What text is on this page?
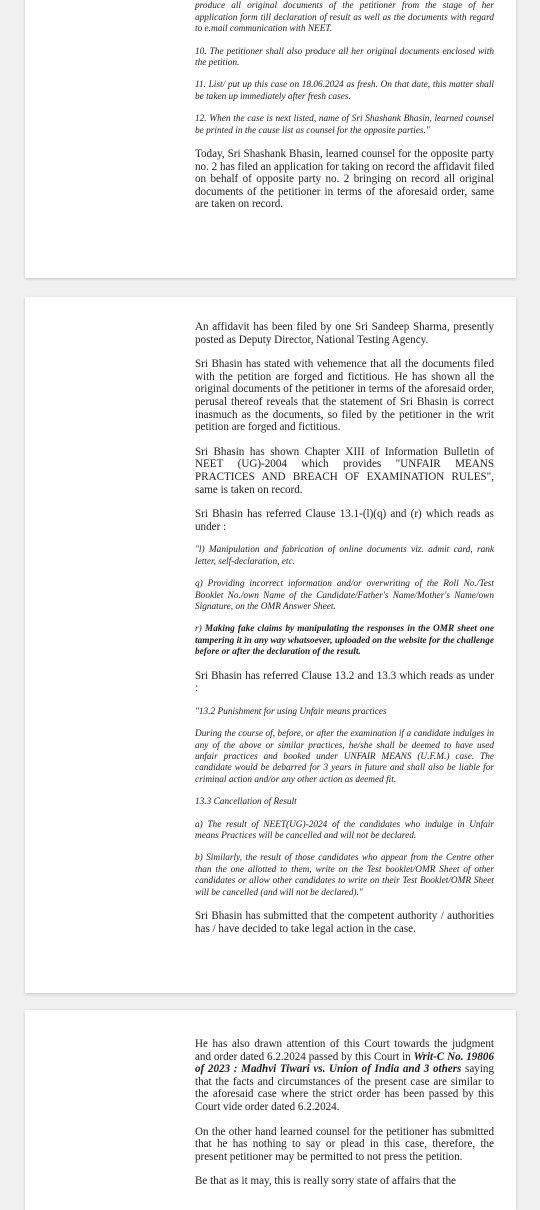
produce all original documents of the petitioner from the stage of her application form till declaration of result as well as the documents with regard to e.mail communication with NEET.

10. The petitioner shall also produce all her original documents enclosed with the petition.

11. List/ put up this case on 18.06.2024 as fresh. On that date, this matter shall be taken up immediately after fresh cases.

12. When the case is next listed, name of Sri Shashank Bhasin, learned counsel be printed in the cause list as counsel for the opposite parties."

Today, Sri Shashank Bhasin, learned counsel for the opposite party no. 2 has filed an application for taking on record the affidavit filed on behalf of opposite party no. 2 bringing on record all original documents of the petitioner in terms of the aforesaid order, same are taken on record.

An affidavit has been filed by one Sri Sandeep Sharma, presently posted as Deputy Director, National Testing Agency.

Sri Bhasin has stated with vehemence that all the documents filed with the petition are forged and fictitious. He has shown all the original documents of the petitioner in terms of the aforesaid order, perusal thereof reveals that the statement of Sri Bhasin is correct inasmuch as the documents, so filed by the petitioner in the writ petition are forged and fictitious.

Sri Bhasin has shown Chapter XIII of Information Bulletin of NEET (UG)-2004 which provides "UNFAIR MEANS PRACTICES AND BREACH OF EXAMINATION RULES", same is taken on record.

Sri Bhasin has referred Clause 13.1-(l)(q) and (r) which reads as under :

"l) Manipulation and fabrication of online documents viz. admit card, rank letter, self-declaration, etc.

q) Providing incorrect information and/or overwriting of the Roll No./Test Booklet No./own Name of the Candidate/Father's Name/Mother's Name/own Signature, on the OMR Answer Sheet.

r) Making fake claims by manipulating the responses in the OMR sheet one tampering it in any way whatsoever, uploaded on the website for the challenge before or after the declaration of the result.

Sri Bhasin has referred Clause 13.2 and 13.3 which reads as under :

"13.2 Punishment for using Unfair means practices

During the course of, before, or after the examination if a candidate indulges in any of the above or similar practices, he/she shall be deemed to have used unfair practices and booked under UNFAIR MEANS (U.F.M.) case. The candidate would be debarred for 3 years in future and shall also be liable for criminal action and/or any other action as deemed fit.

13.3 Cancellation of Result

a) The result of NEET(UG)-2024 of the candidates who indulge in Unfair means Practices will be cancelled and will not be declared.

b) Similarly, the result of those candidates who appear from the Centre other than the one allotted to them, write on the Test booklet/OMR Sheet of other candidates or allow other candidates to write on their Test Booklet/OMR Sheet will be cancelled (and will not be declared)."

Sri Bhasin has submitted that the competent authority / authorities has / have decided to take legal action in the case.

He has also drawn attention of this Court towards the judgment and order dated 6.2.2024 passed by this Court in Writ-C No. 19806 of 2023 : Madhvi Tiwari vs. Union of India and 3 others saying that the facts and circumstances of the present case are similar to the aforesaid case where the strict order has been passed by this Court vide order dated 6.2.2024.

On the other hand learned counsel for the petitioner has submitted that he has nothing to say or plead in this case, therefore, the present petitioner may be permitted to not press the petition.

Be that as it may, this is really sorry state of affairs that the
